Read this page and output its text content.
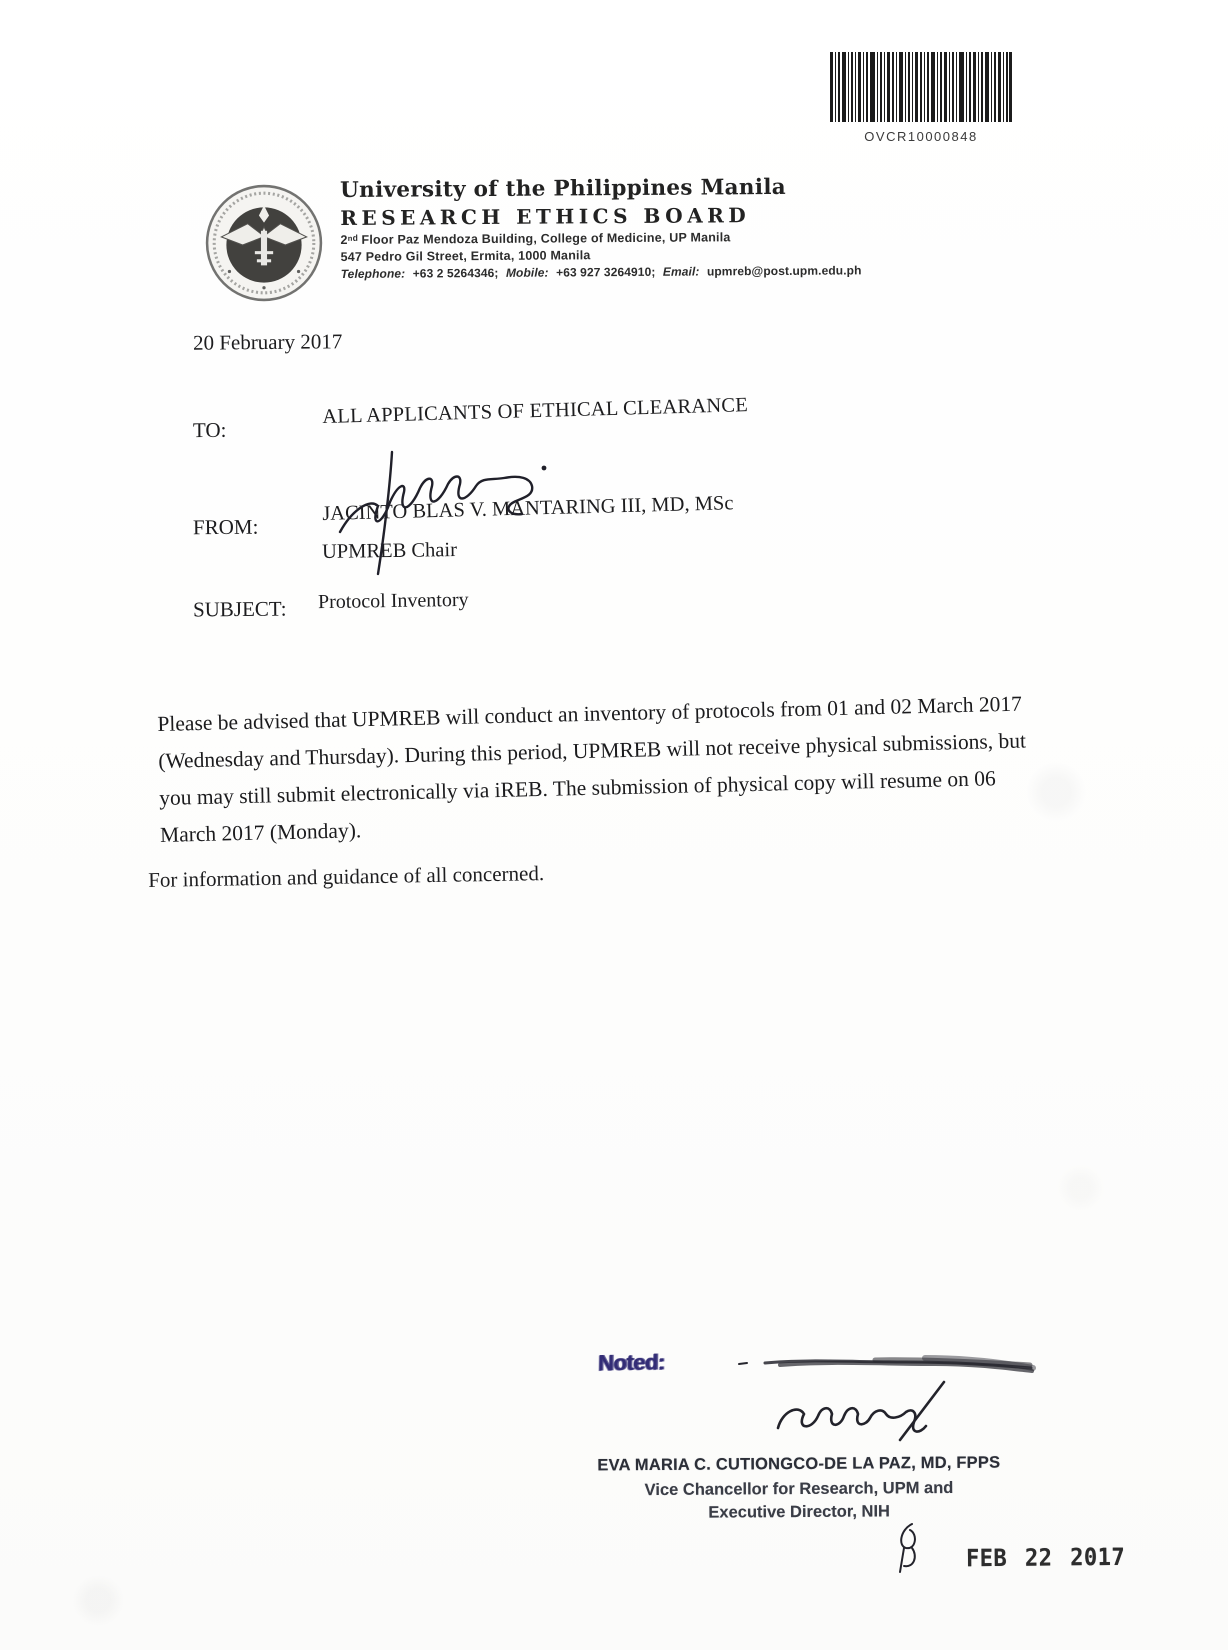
OVCR10000848
University of the Philippines Manila
RESEARCH ETHICS BOARD
2ⁿᵈ Floor Paz Mendoza Building, College of Medicine, UP Manila
547 Pedro Gil Street, Ermita, 1000 Manila
Telephone: +63 2 5264346; Mobile: +63 927 3264910; Email: upmreb@post.upm.edu.ph
20 February 2017
TO:
ALL APPLICANTS OF ETHICAL CLEARANCE
FROM:
JACINTO BLAS V. MANTARING III, MD, MSc
UPMREB Chair
SUBJECT: Protocol Inventory
Please be advised that UPMREB will conduct an inventory of protocols from 01 and 02 March 2017 (Wednesday and Thursday). During this period, UPMREB will not receive physical submissions, but you may still submit electronically via iREB. The submission of physical copy will resume on 06 March 2017 (Monday).
For information and guidance of all concerned.
Noted:
EVA MARIA C. CUTIONGCO-DE LA PAZ, MD, FPPS
Vice Chancellor for Research, UPM and
Executive Director, NIH
FEB 22 2017
